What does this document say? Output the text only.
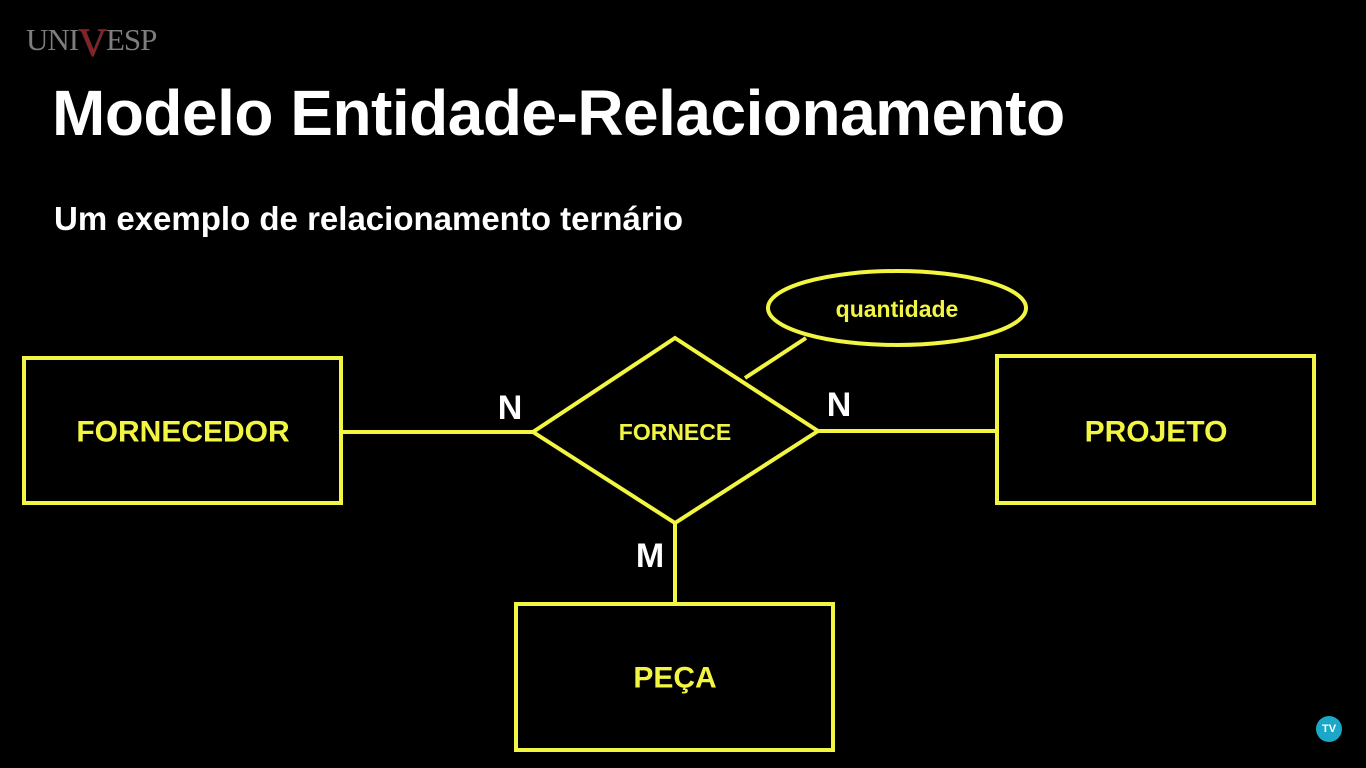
UNIVESP
Modelo Entidade-Relacionamento
Um exemplo de relacionamento ternário
FORNECEDOR	PROJETO
PEÇA
FORNECE
quantidade
N	N
M
TV
